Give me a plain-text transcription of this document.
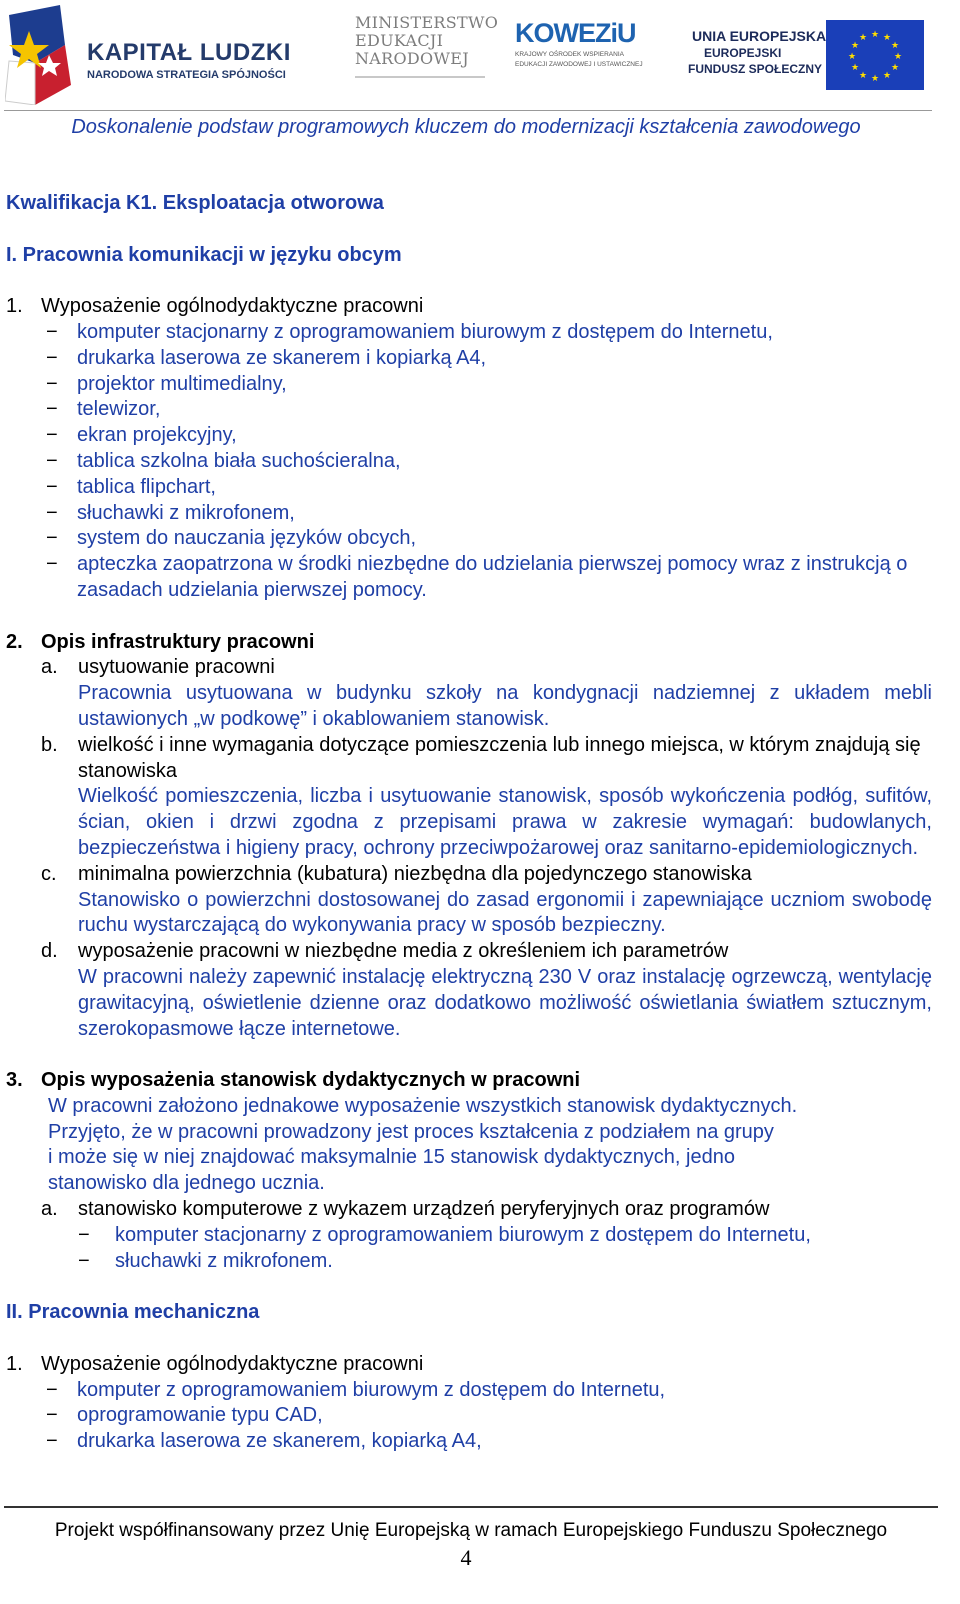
KAPITAŁ LUDZKI
NARODOWA STRATEGIA SPÓJNOŚCI
MINISTERSTWO
EDUKACJI
NARODOWEJ
KOWEZiU
KRAJOWY OŚRODEK WSPIERANIA
EDUKACJI ZAWODOWEJ I USTAWICZNEJ
UNIA EUROPEJSKA
EUROPEJSKI
FUNDUSZ SPOŁECZNY
★ ★
★
★
★
★
★
★
★
★
★
★
Doskonalenie podstaw programowych kluczem do modernizacji kształcenia zawodowego

Kwalifikacja K1. Eksploatacja otworowa

I. Pracownia komunikacji w języku obcym

1. Wyposażenie ogólnodydaktyczne pracowni

− komputer stacjonarny z oprogramowaniem biurowym z dostępem do Internetu,
− drukarka laserowa ze skanerem i kopiarką A4,
− projektor multimedialny,
− telewizor,
− ekran projekcyjny,
− tablica szkolna biała suchościeralna,
− tablica flipchart,
− słuchawki z mikrofonem,
− system do nauczania języków obcych,
− apteczka zaopatrzona w środki niezbędne do udzielania pierwszej pomocy wraz z instrukcją o zasadach udzielania pierwszej pomocy.

2. Opis infrastruktury pracowni

a.	usytuowanie pracowni
Pracownia usytuowana w budynku szkoły na kondygnacji nadziemnej z układem mebli ustawionych „w podkowę” i okablowaniem stanowisk.
b.	wielkość i inne wymagania dotyczące pomieszczenia lub innego miejsca, w którym znajdują się stanowiska
Wielkość pomieszczenia, liczba i usytuowanie stanowisk, sposób wykończenia podłóg, sufitów, ścian, okien i drzwi zgodna z przepisami prawa w zakresie wymagań: budowlanych, bezpieczeństwa i higieny pracy, ochrony przeciwpożarowej oraz sanitarno-epidemiologicznych.
c.	minimalna powierzchnia (kubatura) niezbędna dla pojedynczego stanowiska
Stanowisko o powierzchni dostosowanej do zasad ergonomii i zapewniające uczniom swobodę ruchu wystarczającą do wykonywania pracy w sposób bezpieczny.
d.	wyposażenie pracowni w niezbędne media z określeniem ich parametrów
W pracowni należy zapewnić instalację elektryczną 230 V oraz instalację ogrzewczą, wentylację grawitacyjną, oświetlenie dzienne oraz dodatkowo możliwość oświetlania światłem sztucznym, szerokopasmowe łącze internetowe.

3. Opis wyposażenia stanowisk dydaktycznych w pracowni

W pracowni założono jednakowe wyposażenie wszystkich stanowisk dydaktycznych.
Przyjęto, że w pracowni prowadzony jest proces kształcenia z podziałem na grupy
i może się w niej znajdować maksymalnie 15 stanowisk dydaktycznych, jedno
stanowisko dla jednego ucznia.
a.	stanowisko komputerowe z wykazem urządzeń peryferyjnych oraz programów
−	komputer stacjonarny z oprogramowaniem biurowym z dostępem do Internetu,
−	słuchawki z mikrofonem.

II. Pracownia mechaniczna

1. Wyposażenie ogólnodydaktyczne pracowni

− komputer z oprogramowaniem biurowym z dostępem do Internetu,
− oprogramowanie typu CAD,
− drukarka laserowa ze skanerem, kopiarką A4,
Projekt współfinansowany przez Unię Europejską w ramach Europejskiego Funduszu Społecznego
4
